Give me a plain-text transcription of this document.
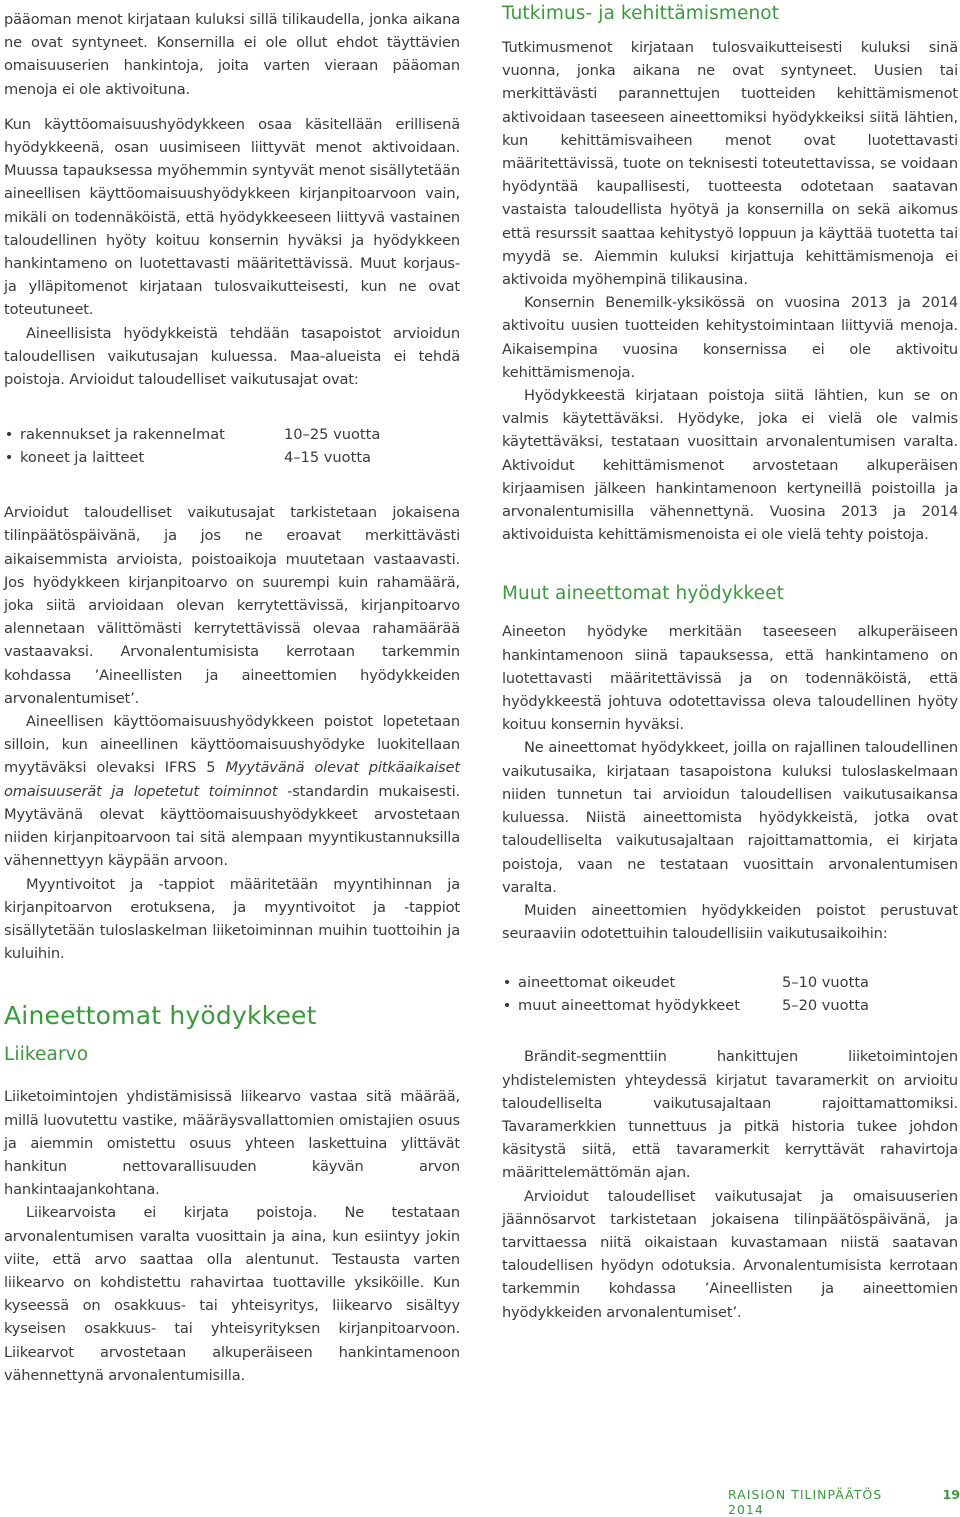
pääoman menot kirjataan kuluksi sillä tilikaudella, jonka aikana ne ovat syntyneet. Konsernilla ei ole ollut ehdot täyttävien omaisuuserien hankintoja, joita varten vieraan pääoman menoja ei ole aktivoituna.

Kun käyttöomaisuushyödykkeen osaa käsitellään erillisenä hyödykkeenä, osan uusimiseen liittyvät menot aktivoidaan. Muussa tapauksessa myöhemmin syntyvät menot sisällytetään aineellisen käyttöomaisuushyödykkeen kirjanpitoarvoon vain, mikäli on todennäköistä, että hyödykkeeseen liittyvä vastainen taloudellinen hyöty koituu konsernin hyväksi ja hyödykkeen hankintameno on luotettavasti määritettävissä. Muut korjaus- ja ylläpitomenot kirjataan tulosvaikutteisesti, kun ne ovat toteutuneet.

Aineellisista hyödykkeistä tehdään tasapoistot arvioidun taloudellisen vaikutusajan kuluessa. Maa-alueista ei tehdä poistoja. Arvioidut taloudelliset vaikutusajat ovat:

• rakennukset ja rakennelmat	10–25 vuotta
• koneet ja laitteet	4–15 vuotta

Arvioidut taloudelliset vaikutusajat tarkistetaan jokaisena tilinpäätöspäivänä, ja jos ne eroavat merkittävästi aikaisemmista arvioista, poistoaikoja muutetaan vastaavasti. Jos hyödykkeen kirjanpitoarvo on suurempi kuin rahamäärä, joka siitä arvioidaan olevan kerrytettävissä, kirjanpitoarvo alennetaan välittömästi kerrytettävissä olevaa rahamäärää vastaavaksi. Arvonalentumisista kerrotaan tarkemmin kohdassa ’Aineellisten ja aineettomien hyödykkeiden arvonalentumiset’.

Aineellisen käyttöomaisuushyödykkeen poistot lopetetaan silloin, kun aineellinen käyttöomaisuushyödyke luokitellaan myytäväksi olevaksi IFRS 5 Myytävänä olevat pitkäaikaiset omaisuuserät ja lopetetut toiminnot -standardin mukaisesti. Myytävänä olevat käyttöomaisuushyödykkeet arvostetaan niiden kirjanpitoarvoon tai sitä alempaan myyntikustannuksilla vähennettyyn käypään arvoon.

Myyntivoitot ja -tappiot määritetään myyntihinnan ja kirjanpitoarvon erotuksena, ja myyntivoitot ja -tappiot sisällytetään tuloslaskelman liiketoiminnan muihin tuottoihin ja kuluihin.

Aineettomat hyödykkeet
Liikearvo

Liiketoimintojen yhdistämisissä liikearvo vastaa sitä määrää, millä luovutettu vastike, määräysvallattomien omistajien osuus ja aiemmin omistettu osuus yhteen laskettuina ylittävät hankitun nettovarallisuuden käyvän arvon hankintaajankohtana.

Liikearvoista ei kirjata poistoja. Ne testataan arvonalentumisen varalta vuosittain ja aina, kun esiintyy jokin viite, että arvo saattaa olla alentunut. Testausta varten liikearvo on kohdistettu rahavirtaa tuottaville yksiköille. Kun kyseessä on osakkuus- tai yhteisyritys, liikearvo sisältyy kyseisen osakkuus- tai yhteisyrityksen kirjanpitoarvoon. Liikearvot arvostetaan alkuperäiseen hankintamenoon vähennettynä arvonalentumisilla.

Tutkimus- ja kehittämismenot

Tutkimusmenot kirjataan tulosvaikutteisesti kuluksi sinä vuonna, jonka aikana ne ovat syntyneet. Uusien tai merkittävästi parannettujen tuotteiden kehittämismenot aktivoidaan taseeseen aineettomiksi hyödykkeiksi siitä lähtien, kun kehittämisvaiheen menot ovat luotettavasti määritettävissä, tuote on teknisesti toteutettavissa, se voidaan hyödyntää kaupallisesti, tuotteesta odotetaan saatavan vastaista taloudellista hyötyä ja konsernilla on sekä aikomus että resurssit saattaa kehitystyö loppuun ja käyttää tuotetta tai myydä se. Aiemmin kuluksi kirjattuja kehittämismenoja ei aktivoida myöhempinä tilikausina.

Konsernin Benemilk-yksikössä on vuosina 2013 ja 2014 aktivoitu uusien tuotteiden kehitystoimintaan liittyviä menoja. Aikaisempina vuosina konsernissa ei ole aktivoitu kehittämismenoja.

Hyödykkeestä kirjataan poistoja siitä lähtien, kun se on valmis käytettäväksi. Hyödyke, joka ei vielä ole valmis käytettäväksi, testataan vuosittain arvonalentumisen varalta. Aktivoidut kehittämismenot arvostetaan alkuperäisen kirjaamisen jälkeen hankintamenoon kertyneillä poistoilla ja arvonalentumisilla vähennettynä. Vuosina 2013 ja 2014 aktivoiduista kehittämismenoista ei ole vielä tehty poistoja.

Muut aineettomat hyödykkeet

Aineeton hyödyke merkitään taseeseen alkuperäiseen hankintamenoon siinä tapauksessa, että hankintameno on luotettavasti määritettävissä ja on todennäköistä, että hyödykkeestä johtuva odotettavissa oleva taloudellinen hyöty koituu konsernin hyväksi.

Ne aineettomat hyödykkeet, joilla on rajallinen taloudellinen vaikutusaika, kirjataan tasapoistona kuluksi tuloslaskelmaan niiden tunnetun tai arvioidun taloudellisen vaikutusaikansa kuluessa. Niistä aineettomista hyödykkeistä, jotka ovat taloudelliselta vaikutusajaltaan rajoittamattomia, ei kirjata poistoja, vaan ne testataan vuosittain arvonalentumisen varalta.

Muiden aineettomien hyödykkeiden poistot perustuvat seuraaviin odotettuihin taloudellisiin vaikutusaikoihin:

• aineettomat oikeudet	5–10 vuotta
• muut aineettomat hyödykkeet	5–20 vuotta

Brändit-segmenttiin hankittujen liiketoimintojen yhdistelemisten yhteydessä kirjatut tavaramerkit on arvioitu taloudelliselta vaikutusajaltaan rajoittamattomiksi. Tavaramerkkien tunnettuus ja pitkä historia tukee johdon käsitystä siitä, että tavaramerkit kerryttävät rahavirtoja määrittelemättömän ajan.

Arvioidut taloudelliset vaikutusajat ja omaisuuserien jäännösarvot tarkistetaan jokaisena tilinpäätöspäivänä, ja tarvittaessa niitä oikaistaan kuvastamaan niistä saatavan taloudellisen hyödyn odotuksia. Arvonalentumisista kerrotaan tarkemmin kohdassa ’Aineellisten ja aineettomien hyödykkeiden arvonalentumiset’.

RAISION TILINPÄÄTÖS 2014
19
